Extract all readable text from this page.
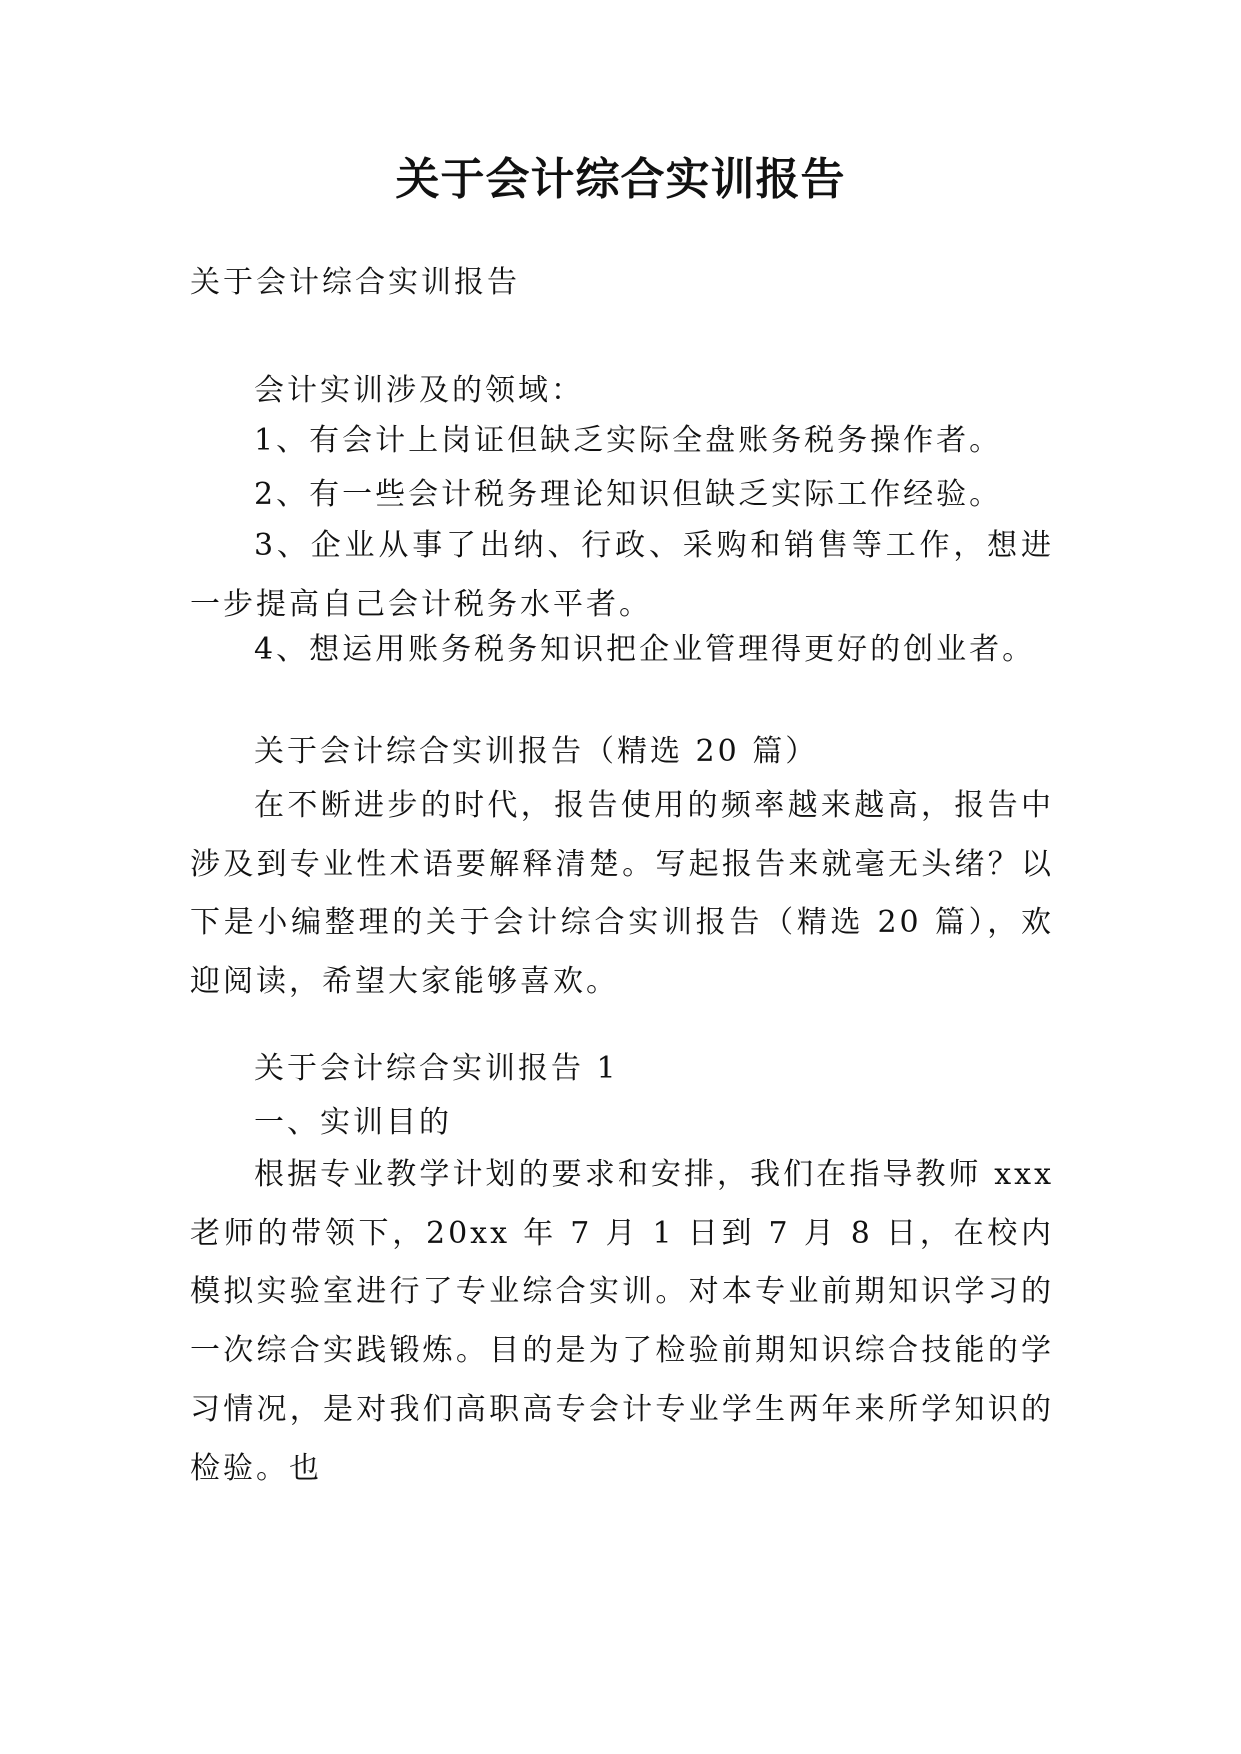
关于会计综合实训报告

关于会计综合实训报告

会计实训涉及的领域：

1、有会计上岗证但缺乏实际全盘账务税务操作者。

2、有一些会计税务理论知识但缺乏实际工作经验。

3、企业从事了出纳、行政、采购和销售等工作，想进一步提高自己会计税务水平者。

4、想运用账务税务知识把企业管理得更好的创业者。

关于会计综合实训报告（精选 20 篇）

在不断进步的时代，报告使用的频率越来越高，报告中涉及到专业性术语要解释清楚。写起报告来就毫无头绪？以下是小编整理的关于会计综合实训报告（精选 20 篇），欢迎阅读，希望大家能够喜欢。

关于会计综合实训报告 1

一、实训目的

根据专业教学计划的要求和安排，我们在指导教师 xxx 老师的带领下，20xx 年 7 月 1 日到 7 月 8 日，在校内模拟实验室进行了专业综合实训。对本专业前期知识学习的一次综合实践锻炼。目的是为了检验前期知识综合技能的学习情况，是对我们高职高专会计专业学生两年来所学知识的检验。也
